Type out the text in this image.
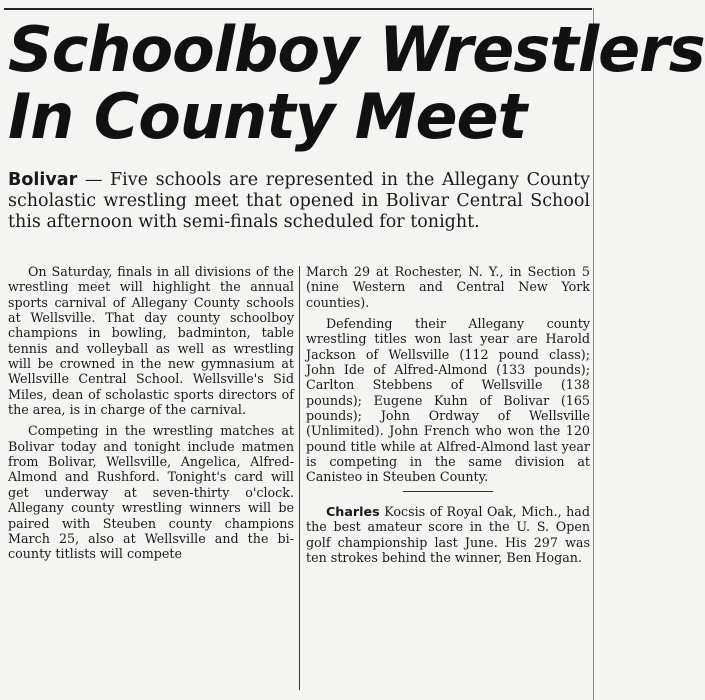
Schoolboy Wrestlers
In County Meet

Bolivar — Five schools are represented in the Allegany County scholastic wrestling meet that opened in Bolivar Central School this afternoon with semi-finals scheduled for tonight.

On Saturday, finals in all divisions of the wrestling meet will highlight the annual sports carnival of Allegany County schools at Wellsville. That day county schoolboy champions in bowling, badminton, table tennis and volleyball as well as wrestling will be crowned in the new gymnasium at Wellsville Central School. Wellsville's Sid Miles, dean of scholastic sports directors of the area, is in charge of the carnival.

Competing in the wrestling matches at Bolivar today and tonight include matmen from Bolivar, Wellsville, Angelica, Alfred-Almond and Rushford. Tonight's card will get underway at seven-thirty o'clock. Allegany county wrestling winners will be paired with Steuben county champions March 25, also at Wellsville and the bi-county titlists will compete

March 29 at Rochester, N. Y., in Section 5 (nine Western and Central New York counties).

Defending their Allegany county wrestling titles won last year are Harold Jackson of Wellsville (112 pound class); John Ide of Alfred-Almond (133 pounds); Carlton Stebbens of Wellsville (138 pounds); Eugene Kuhn of Bolivar (165 pounds); John Ordway of Wellsville (Unlimited). John French who won the 120 pound title while at Alfred-Almond last year is competing in the same division at Canisteo in Steuben County.

Charles Kocsis of Royal Oak, Mich., had the best amateur score in the U. S. Open golf championship last June. His 297 was ten strokes behind the winner, Ben Hogan.
